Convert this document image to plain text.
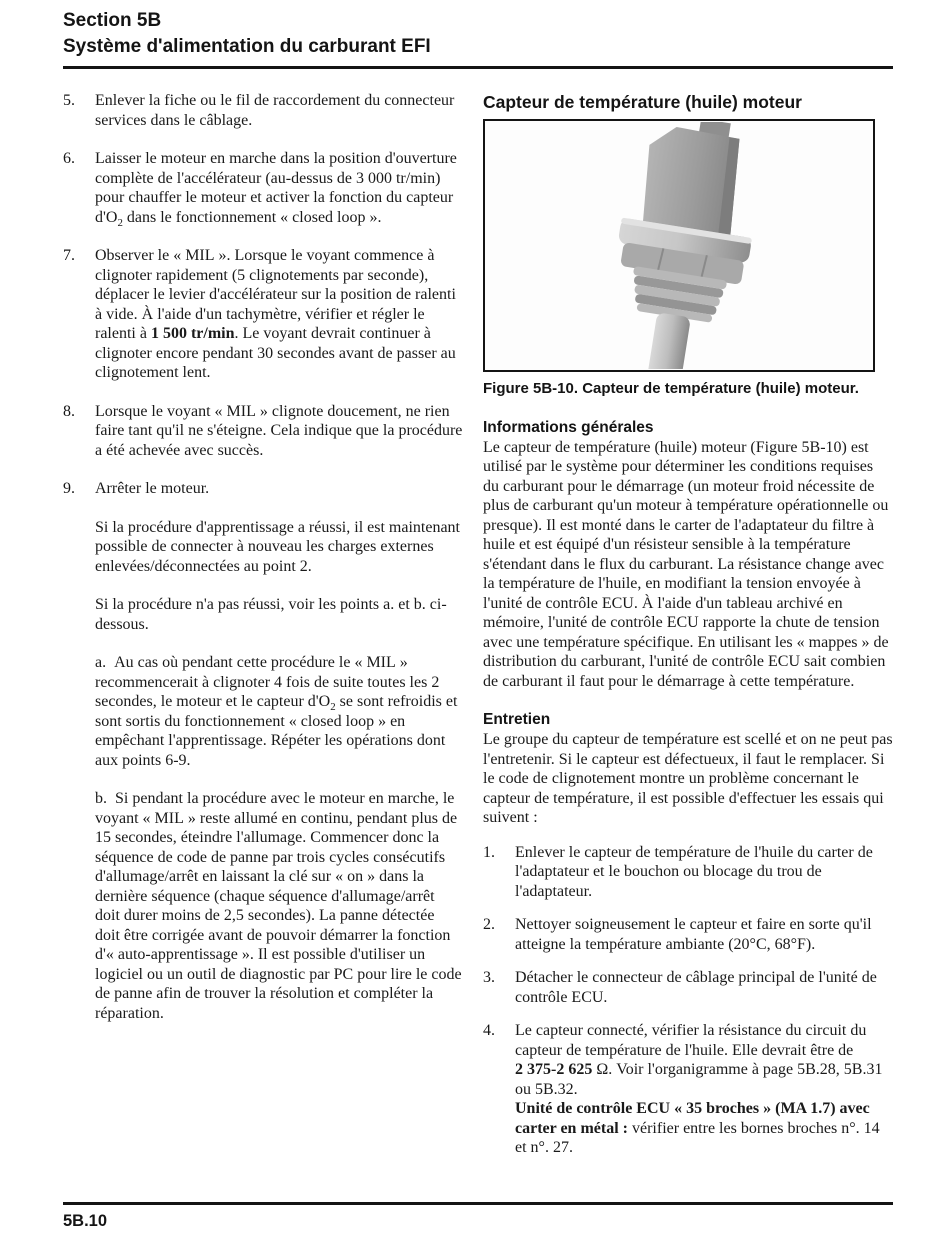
Section 5B
Système d'alimentation du carburant EFI
5.	Enlever la fiche ou le fil de raccordement du connecteur services dans le câblage.
6.	Laisser le moteur en marche dans la position d'ouverture complète de l'accélérateur (au-dessus de 3 000 tr/min) pour chauffer le moteur et activer la fonction du capteur $d'O_2$ dans le fonctionnement « closed loop ».
7.	Observer le « MIL ». Lorsque le voyant commence à clignoter rapidement (5 clignotements par seconde), déplacer le levier d'accélérateur sur la position de ralenti à vide. À l'aide d'un tachymètre, vérifier et régler le ralenti à 1 500 tr/min. Le voyant devrait continuer à clignoter encore pendant 30 secondes avant de passer au clignotement lent.
8.	Lorsque le voyant « MIL » clignote doucement, ne rien faire tant qu'il ne s'éteigne. Cela indique que la procédure a été achevée avec succès.
9.	Arrêter le moteur.
Si la procédure d'apprentissage a réussi, il est maintenant possible de connecter à nouveau les charges externes enlevées/déconnectées au point 2.
Si la procédure n'a pas réussi, voir les points a. et b. ci-dessous.
a.  Au cas où pendant cette procédure le « MIL » recommencerait à clignoter 4 fois de suite toutes les 2 secondes, le moteur et le capteur $d'O_2$ se sont refroidis et sont sortis du fonctionnement « closed loop » en empêchant l'apprentissage. Répéter les opérations dont aux points 6-9.
b.  Si pendant la procédure avec le moteur en marche, le voyant « MIL » reste allumé en continu, pendant plus de 15 secondes, éteindre l'allumage. Commencer donc la séquence de code de panne par trois cycles consécutifs d'allumage/arrêt en laissant la clé sur « on » dans la dernière séquence (chaque séquence d'allumage/arrêt doit durer moins de 2,5 secondes). La panne détectée doit être corrigée avant de pouvoir démarrer la fonction d'« auto-apprentissage ». Il est possible d'utiliser un logiciel ou un outil de diagnostic par PC pour lire le code de panne afin de trouver la résolution et compléter la réparation.
Capteur de température (huile) moteur
Figure 5B-10. Capteur de température (huile) moteur.
Informations générales

Le capteur de température (huile) moteur (Figure 5B-10) est utilisé par le système pour déterminer les conditions requises du carburant pour le démarrage (un moteur froid nécessite de plus de carburant qu'un moteur à température opérationnelle ou presque). Il est monté dans le carter de l'adaptateur du filtre à huile et est équipé d'un résisteur sensible à la température s'étendant dans le flux du carburant. La résistance change avec la température de l'huile, en modifiant la tension envoyée à l'unité de contrôle ECU. À l'aide d'un tableau archivé en mémoire, l'unité de contrôle ECU rapporte la chute de tension avec une température spécifique. En utilisant les « mappes » de distribution du carburant, l'unité de contrôle ECU sait combien de carburant il faut pour le démarrage à cette température.

Entretien

Le groupe du capteur de température est scellé et on ne peut pas l'entretenir. Si le capteur est défectueux, il faut le remplacer. Si le code de clignotement montre un problème concernant le capteur de température, il est possible d'effectuer les essais qui suivent :

1.	Enlever le capteur de température de l'huile du carter de l'adaptateur et le bouchon ou blocage du trou de l'adaptateur.
2.	Nettoyer soigneusement le capteur et faire en sorte qu'il atteigne la température ambiante (20°C, 68°F).
3.	Détacher le connecteur de câblage principal de l'unité de contrôle ECU.
4.	Le capteur connecté, vérifier la résistance du circuit du capteur de température de l'huile. Elle devrait être de 2 375-2 625 Ω. Voir l'organigramme à page 5B.28, 5B.31 ou 5B.32.
Unité de contrôle ECU « 35 broches » (MA 1.7) avec carter en métal : vérifier entre les bornes broches n°. 14 et n°. 27.
5B.10
